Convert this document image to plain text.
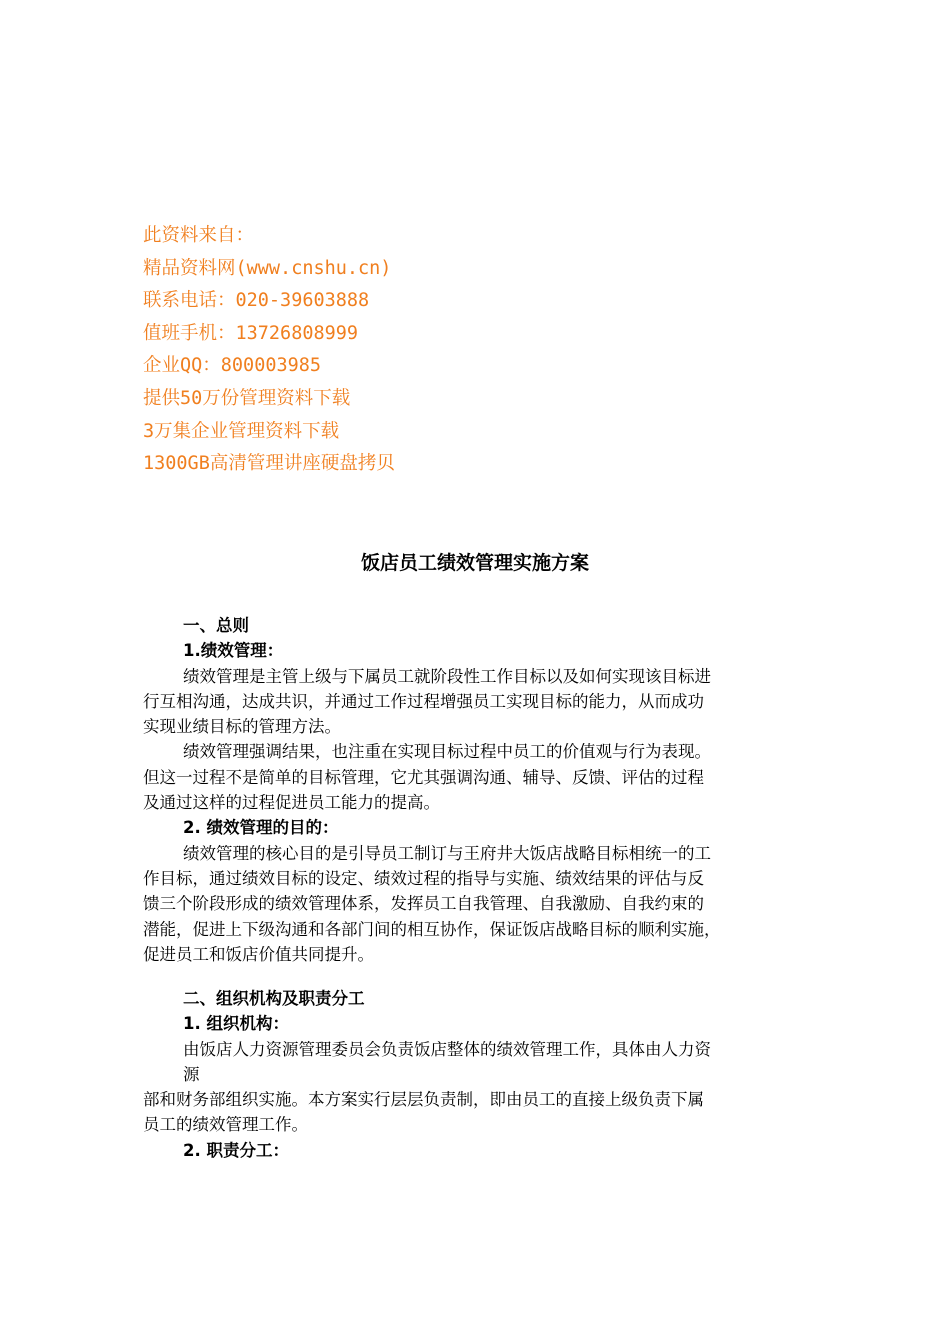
此资料来自：
精品资料网(www.cnshu.cn)
联系电话：020-39603888
值班手机：13726808999
企业QQ：800003985
提供50万份管理资料下载
3万集企业管理资料下载
1300GB高清管理讲座硬盘拷贝
饭店员工绩效管理实施方案
一、总则
1.绩效管理：
绩效管理是主管上级与下属员工就阶段性工作目标以及如何实现该目标进
行互相沟通，达成共识，并通过工作过程增强员工实现目标的能力，从而成功
实现业绩目标的管理方法。
绩效管理强调结果，也注重在实现目标过程中员工的价值观与行为表现。
但这一过程不是简单的目标管理，它尤其强调沟通、辅导、反馈、评估的过程
及通过这样的过程促进员工能力的提高。
2. 绩效管理的目的：
绩效管理的核心目的是引导员工制订与王府井大饭店战略目标相统一的工
作目标，通过绩效目标的设定、绩效过程的指导与实施、绩效结果的评估与反
馈三个阶段形成的绩效管理体系，发挥员工自我管理、自我激励、自我约束的
潜能，促进上下级沟通和各部门间的相互协作，保证饭店战略目标的顺利实施，
促进员工和饭店价值共同提升。
二、组织机构及职责分工
1. 组织机构：
由饭店人力资源管理委员会负责饭店整体的绩效管理工作，具体由人力资
源
部和财务部组织实施。本方案实行层层负责制，即由员工的直接上级负责下属
员工的绩效管理工作。
2. 职责分工：
